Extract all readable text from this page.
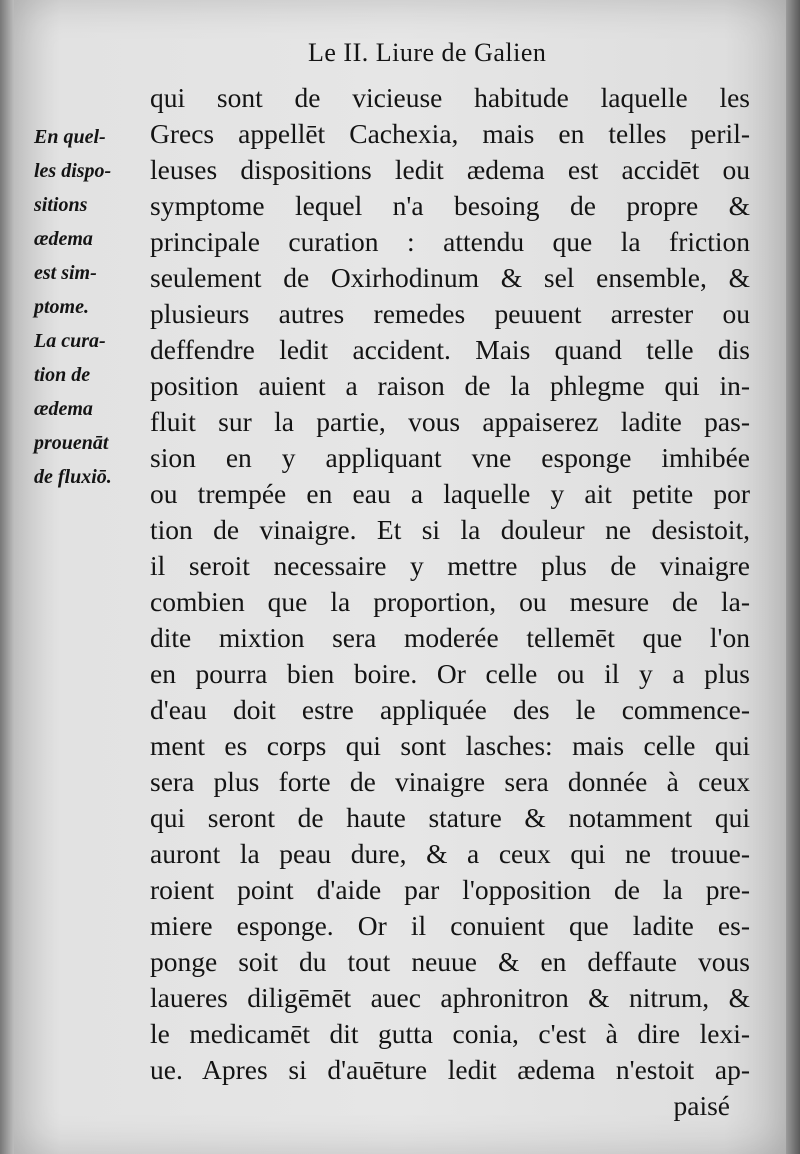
Le II. Liure de Galien
En quel-
les dispo-
sitions
ædema
est sim-
ptome.
La cura-
tion de
ædema
prouenāt
de fluxiō.
qui sont de vicieuse habitude laquelle les
Grecs appellēt Cachexia, mais en telles peril-
leuses dispositions ledit ædema est accidēt ou
symptome lequel n'a besoing de propre &
principale curation : attendu que la friction
seulement de Oxirhodinum & sel ensemble, &
plusieurs autres remedes peuuent arrester ou
deffendre ledit accident. Mais quand telle dis
position auient a raison de la phlegme qui in-
fluit sur la partie, vous appaiserez ladite pas-
sion en y appliquant vne esponge imhibée
ou trempée en eau a laquelle y ait petite por
tion de vinaigre. Et si la douleur ne desistoit,
il seroit necessaire y mettre plus de vinaigre
combien que la proportion, ou mesure de la-
dite mixtion sera moderée tellemēt que l'on
en pourra bien boire. Or celle ou il y a plus
d'eau doit estre appliquée des le commence-
ment es corps qui sont lasches: mais celle qui
sera plus forte de vinaigre sera donnée à ceux
qui seront de haute stature & notamment qui
auront la peau dure, & a ceux qui ne trouue-
roient point d'aide par l'opposition de la pre-
miere esponge. Or il conuient que ladite es-
ponge soit du tout neuue & en deffaute vous
laueres diligēmēt auec aphronitron & nitrum, &
le medicamēt dit gutta conia, c'est à dire lexi-
ue. Apres si d'auēture ledit ædema n'estoit ap-
paisé
